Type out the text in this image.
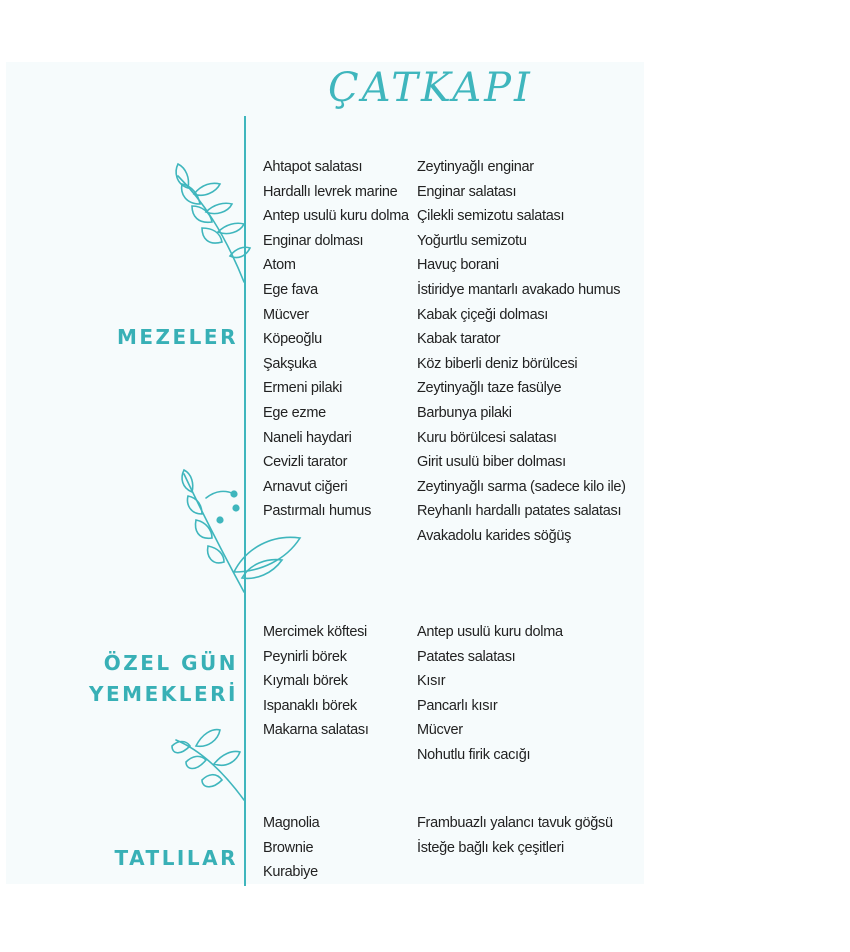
ÇATKAPI
MEZELER
ÖZEL GÜN
YEMEKLERİ
TATLILAR
Ahtapot salatası
Hardallı levrek marine
Antep usulü kuru dolma
Enginar dolması
Atom
Ege fava
Mücver
Köpeoğlu
Şakşuka
Ermeni pilaki
Ege ezme
Naneli haydari
Cevizli tarator
Arnavut ciğeri
Pastırmalı humus
Zeytinyağlı enginar
Enginar salatası
Çilekli semizotu salatası
Yoğurtlu semizotu
Havuç borani
İstiridye mantarlı avakado humus
Kabak çiçeği dolması
Kabak tarator
Köz biberli deniz börülcesi
Zeytinyağlı taze fasülye
Barbunya pilaki
Kuru börülcesi salatası
Girit usulü biber dolması
Zeytinyağlı sarma (sadece kilo ile)
Reyhanlı hardallı patates salatası
Avakadolu karides söğüş
Mercimek köftesi
Peynirli börek
Kıymalı börek
Ispanaklı börek
Makarna salatası
Antep usulü kuru dolma
Patates salatası
Kısır
Pancarlı kısır
Mücver
Nohutlu firik cacığı
Magnolia
Brownie
Kurabiye
Frambuazlı yalancı tavuk göğsü
İsteğe bağlı kek çeşitleri
